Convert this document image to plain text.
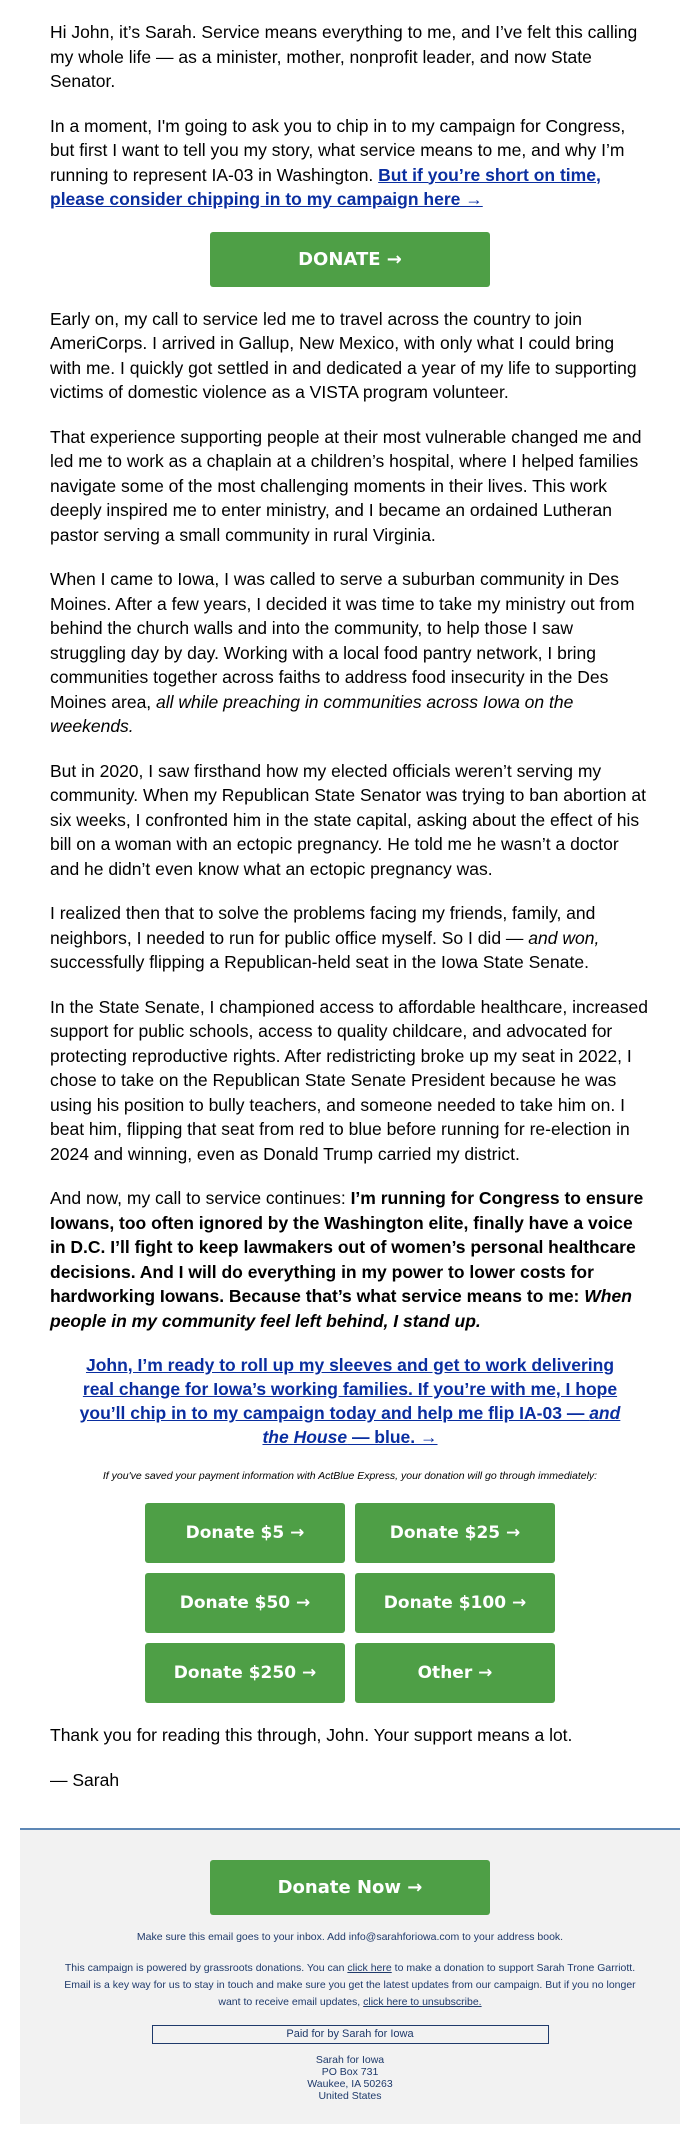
Hi John, it’s Sarah. Service means everything to me, and I’ve felt this calling my whole life — as a minister, mother, nonprofit leader, and now State Senator.

In a moment, I'm going to ask you to chip in to my campaign for Congress, but first I want to tell you my story, what service means to me, and why I’m running to represent IA-03 in Washington. But if you’re short on time, please consider chipping in to my campaign here →

DONATE →

Early on, my call to service led me to travel across the country to join AmeriCorps. I arrived in Gallup, New Mexico, with only what I could bring with me. I quickly got settled in and dedicated a year of my life to supporting victims of domestic violence as a VISTA program volunteer.

That experience supporting people at their most vulnerable changed me and led me to work as a chaplain at a children’s hospital, where I helped families navigate some of the most challenging moments in their lives. This work deeply inspired me to enter ministry, and I became an ordained Lutheran pastor serving a small community in rural Virginia.

When I came to Iowa, I was called to serve a suburban community in Des Moines. After a few years, I decided it was time to take my ministry out from behind the church walls and into the community, to help those I saw struggling day by day. Working with a local food pantry network, I bring communities together across faiths to address food insecurity in the Des Moines area, all while preaching in communities across Iowa on the weekends.

But in 2020, I saw firsthand how my elected officials weren’t serving my community. When my Republican State Senator was trying to ban abortion at six weeks, I confronted him in the state capital, asking about the effect of his bill on a woman with an ectopic pregnancy. He told me he wasn’t a doctor and he didn’t even know what an ectopic pregnancy was.

I realized then that to solve the problems facing my friends, family, and neighbors, I needed to run for public office myself. So I did — and won, successfully flipping a Republican-held seat in the Iowa State Senate.

In the State Senate, I championed access to affordable healthcare, increased support for public schools, access to quality childcare, and advocated for protecting reproductive rights. After redistricting broke up my seat in 2022, I chose to take on the Republican State Senate President because he was using his position to bully teachers, and someone needed to take him on. I beat him, flipping that seat from red to blue before running for re-election in 2024 and winning, even as Donald Trump carried my district.

And now, my call to service continues: I’m running for Congress to ensure Iowans, too often ignored by the Washington elite, finally have a voice in D.C. I’ll fight to keep lawmakers out of women’s personal healthcare decisions. And I will do everything in my power to lower costs for hardworking Iowans. Because that’s what service means to me: When people in my community feel left behind, I stand up.

John, I’m ready to roll up my sleeves and get to work delivering real change for Iowa’s working families. If you’re with me, I hope you’ll chip in to my campaign today and help me flip IA-03 — and the House — blue. →

If you've saved your payment information with ActBlue Express, your donation will go through immediately:

Donate $5 →	Donate $25 →
Donate $50 →	Donate $100 →
Donate $250 →	Other →

Thank you for reading this through, John. Your support means a lot.

— Sarah

Donate Now →
Make sure this email goes to your inbox. Add info@sarahforiowa.com to your address book.
This campaign is powered by grassroots donations. You can click here to make a donation to support Sarah Trone Garriott. Email is a key way for us to stay in touch and make sure you get the latest updates from our campaign. But if you no longer want to receive email updates, click here to unsubscribe.
Paid for by Sarah for Iowa
Sarah for Iowa
PO Box 731
Waukee, IA 50263
United States
